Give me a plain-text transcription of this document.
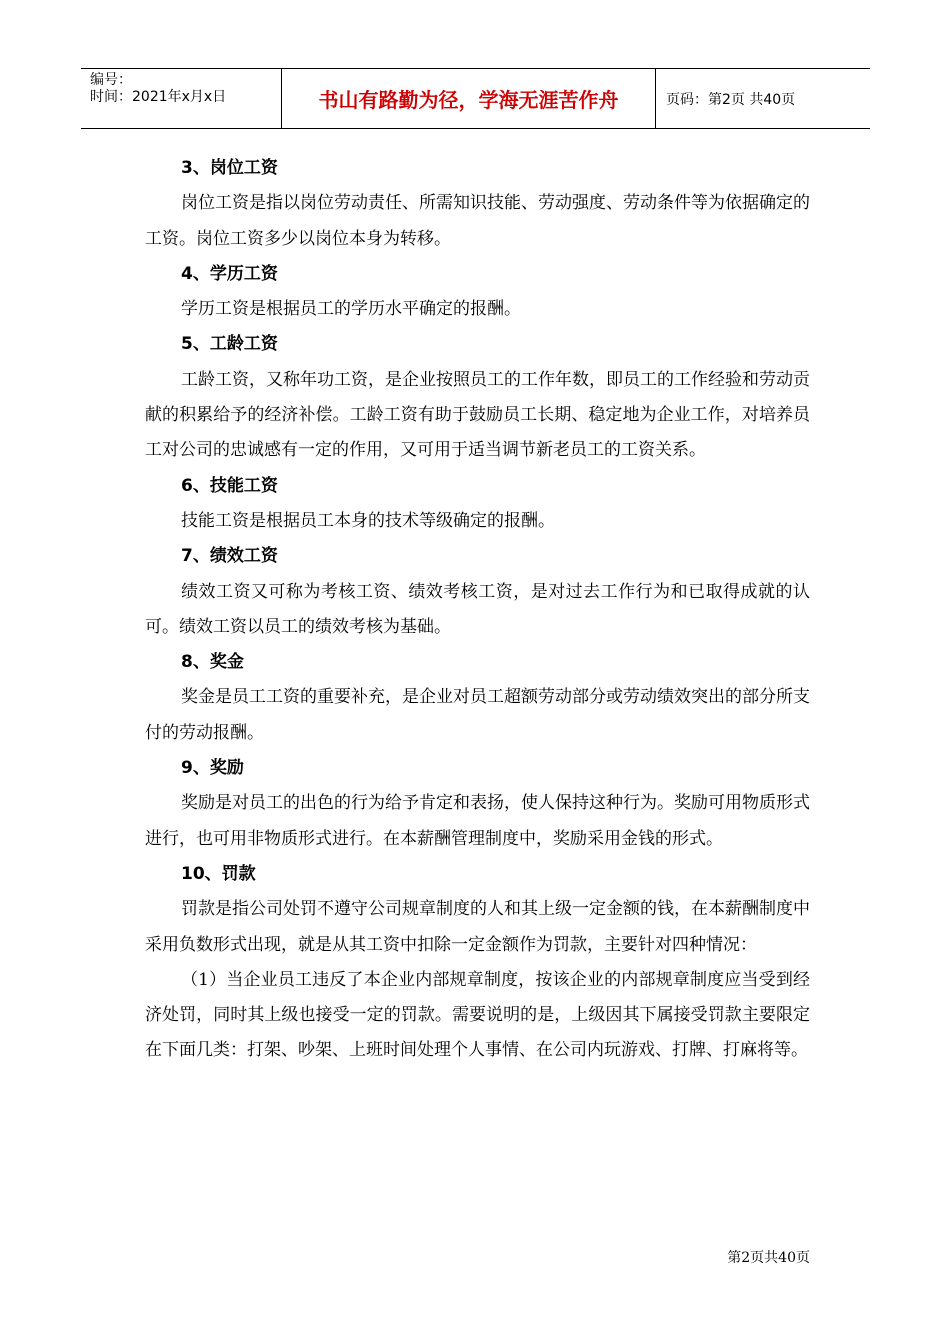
编号：
时间：2021年x月x日	书山有路勤为径，学海无涯苦作舟	页码：第2页 共40页
3、岗位工资

岗位工资是指以岗位劳动责任、所需知识技能、劳动强度、劳动条件等为依据确定的工资。岗位工资多少以岗位本身为转移。

4、学历工资

学历工资是根据员工的学历水平确定的报酬。

5、工龄工资

工龄工资，又称年功工资，是企业按照员工的工作年数，即员工的工作经验和劳动贡献的积累给予的经济补偿。工龄工资有助于鼓励员工长期、稳定地为企业工作，对培养员工对公司的忠诚感有一定的作用，又可用于适当调节新老员工的工资关系。

6、技能工资

技能工资是根据员工本身的技术等级确定的报酬。

7、绩效工资

绩效工资又可称为考核工资、绩效考核工资，是对过去工作行为和已取得成就的认可。绩效工资以员工的绩效考核为基础。

8、奖金

奖金是员工工资的重要补充，是企业对员工超额劳动部分或劳动绩效突出的部分所支付的劳动报酬。

9、奖励

奖励是对员工的出色的行为给予肯定和表扬，使人保持这种行为。奖励可用物质形式进行，也可用非物质形式进行。在本薪酬管理制度中，奖励采用金钱的形式。

10、罚款

罚款是指公司处罚不遵守公司规章制度的人和其上级一定金额的钱，在本薪酬制度中采用负数形式出现，就是从其工资中扣除一定金额作为罚款，主要针对四种情况：

（1）当企业员工违反了本企业内部规章制度，按该企业的内部规章制度应当受到经济处罚，同时其上级也接受一定的罚款。需要说明的是，上级因其下属接受罚款主要限定在下面几类：打架、吵架、上班时间处理个人事情、在公司内玩游戏、打牌、打麻将等。

第2页共40页
